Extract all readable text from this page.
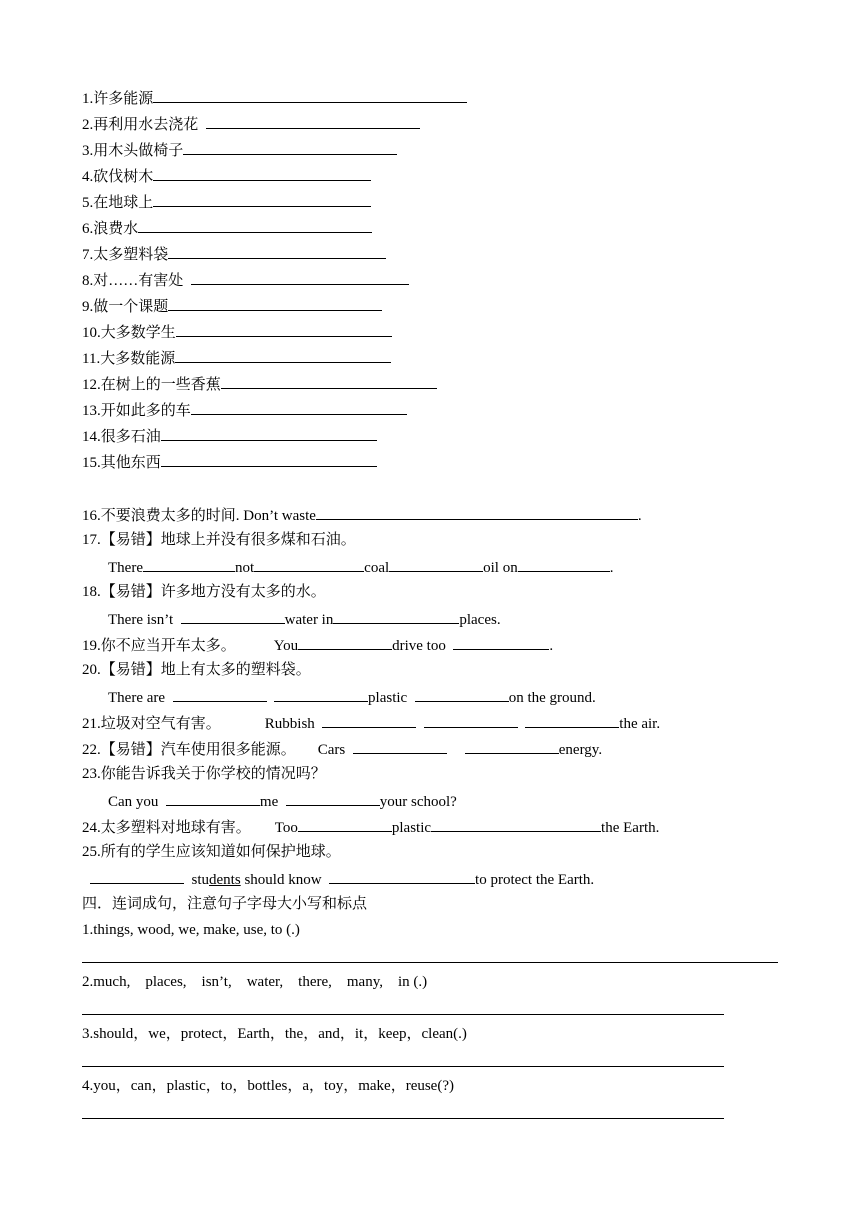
1.许多能源
2.再利用水去浇花
3.用木头做椅子
4.砍伐树木
5.在地球上
6.浪费水
7.太多塑料袋
8.对……有害处
9.做一个课题
10.大多数学生
11.大多数能源
12.在树上的一些香蕉
13.开如此多的车
14.很多石油
15.其他东西
16.不要浪费太多的时间. Don’t waste	.
17.【易错】地球上并没有很多煤和石油。
There	not	coal	oil on	.
18.【易错】许多地方没有太多的水。
There isn’t	water in	places.
19.你不应当开车太多。	You	drive too	.
20.【易错】地上有太多的塑料袋。
There are	plastic	on the ground.
21.垃圾对空气有害。	Rubbish	the air.
22.【易错】汽车使用很多能源。 Cars	energy.
23.你能告诉我关于你学校的情况吗？
Can you	me	your school?
24.太多塑料对地球有害。 Too	plastic	the Earth.
25.所有的学生应该知道如何保护地球。
students should know	to protect the Earth.
四．连词成句，注意句子字母大小写和标点
1.things, wood, we, make, use, to (.)
2.much,    places,    isn’t,    water,    there,    many,    in (.)
3.should，we，protect，Earth，the，and，it，keep，clean(.)
4.you，can，plastic，to，bottles，a，toy，make，reuse(?)
